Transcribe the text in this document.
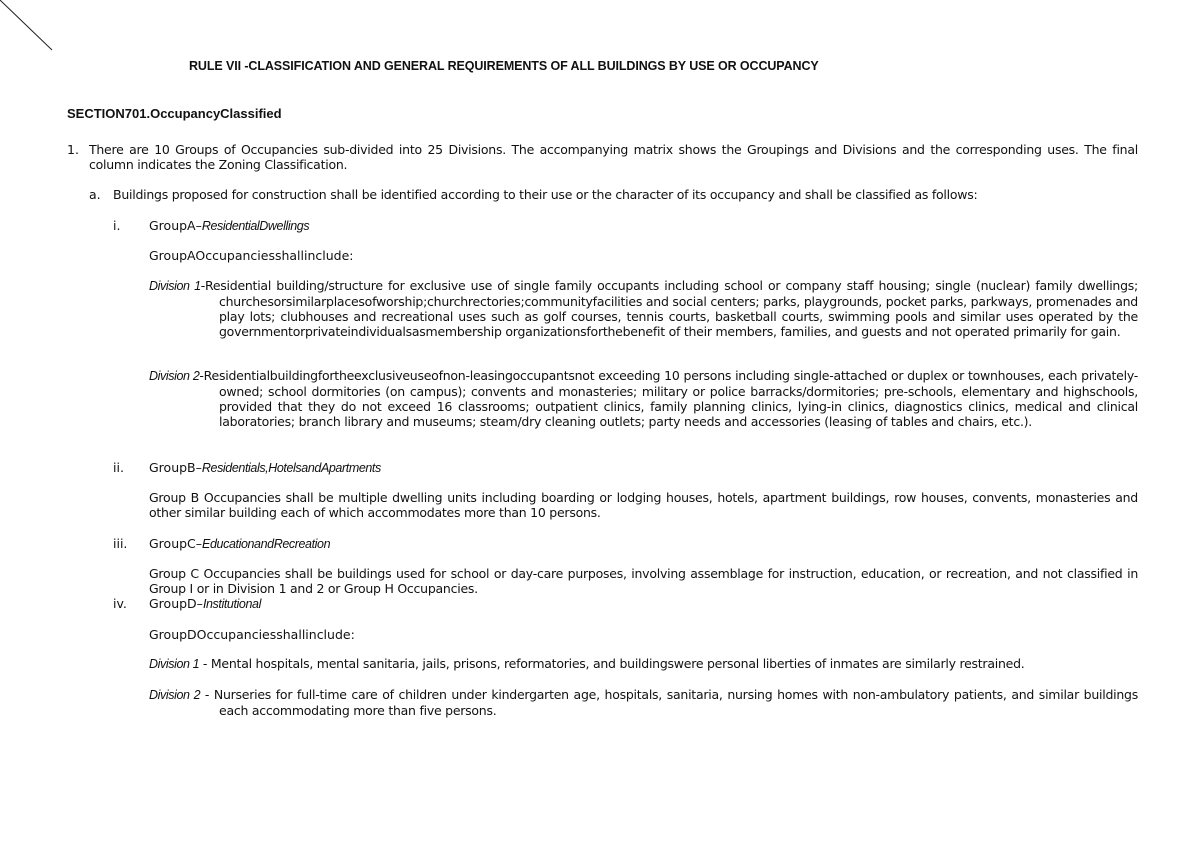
RULE VII -CLASSIFICATION AND GENERAL REQUIREMENTS OF ALL BUILDINGS BY USE OR OCCUPANCY
SECTION701.OccupancyClassified
1. There are 10 Groups of Occupancies sub-divided into 25 Divisions. The accompanying matrix shows the Groupings and Divisions and the corresponding uses. The final column indicates the Zoning Classification.
a. Buildings proposed for construction shall be identified according to their use or the character of its occupancy and shall be classified as follows:
i. GroupA–ResidentialDwellings
GroupAOccupanciesshallinclude:
Division 1-Residential building/structure for exclusive use of single family occupants including school or company staff housing; single (nuclear) family dwellings; churchesorsimilarplacesofworship;churchrectories;communityfacilities and social centers; parks, playgrounds, pocket parks, parkways, promenades and play lots; clubhouses and recreational uses such as golf courses, tennis courts, basketball courts, swimming pools and similar uses operated by the governmentorprivateindividualsasmembership organizationsforthebenefit of their members, families, and guests and not operated primarily for gain.
Division 2-Residentialbuildingfortheexclusiveuseofnon-leasingoccupantsnot exceeding 10 persons including single-attached or duplex or townhouses, each privately-owned; school dormitories (on campus); convents and monasteries; military or police barracks/dormitories; pre-schools, elementary and highschools, provided that they do not exceed 16 classrooms; outpatient clinics, family planning clinics, lying-in clinics, diagnostics clinics, medical and clinical laboratories; branch library and museums; steam/dry cleaning outlets; party needs and accessories (leasing of tables and chairs, etc.).
ii. GroupB–Residentials,HotelsandApartments
Group B Occupancies shall be multiple dwelling units including boarding or lodging houses, hotels, apartment buildings, row houses, convents, monasteries and other similar building each of which accommodates more than 10 persons.
iii. GroupC–EducationandRecreation
Group C Occupancies shall be buildings used for school or day-care purposes, involving assemblage for instruction, education, or recreation, and not classified in Group I or in Division 1 and 2 or Group H Occupancies.
iv. GroupD–Institutional
GroupDOccupanciesshallinclude:
Division 1 - Mental hospitals, mental sanitaria, jails, prisons, reformatories, and buildingswere personal liberties of inmates are similarly restrained.
Division 2 - Nurseries for full-time care of children under kindergarten age, hospitals, sanitaria, nursing homes with non-ambulatory patients, and similar buildings each accommodating more than five persons.
